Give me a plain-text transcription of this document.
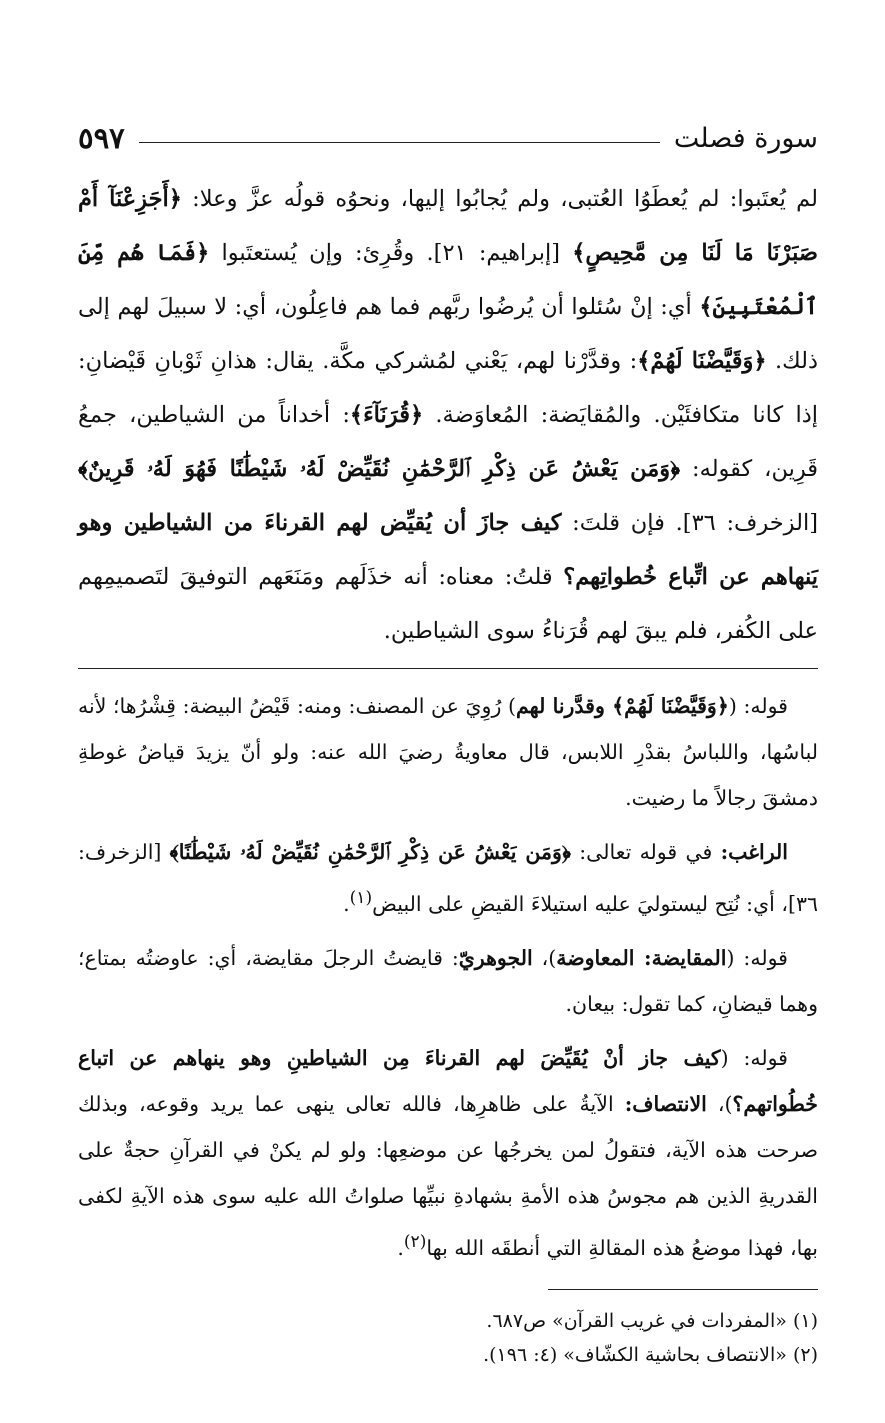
سورة فصلت
٥٩٧
لم يُعتَبوا: لم يُعطَوُا العُتبى، ولم يُجابُوا إليها، ونحوُه قولُه عزَّ وعلا: ﴿أَجَزِعْنَآ أَمْ صَبَرْنَا مَا لَنَا مِن مَّحِيصٍ﴾ [إبراهيم: ٢١]. وقُرِئ: وإن يُستعتَبوا ﴿فَمَا هُم مِّنَ ٱلْمُعْتَبِينَ﴾ أي: إنْ سُئلوا أن يُرضُوا ربَّهم فما هم فاعِلُون، أي: لا سبيلَ لهم إلى ذلك. ﴿وَقَيَّضْنَا لَهُمْ﴾: وقدَّرْنا لهم، يَعْني لمُشركي مكَّة. يقال: هذانِ ثَوْبانِ قَيْضانِ: إذا كانا متكافئَيْن. والمُقايَضة: المُعاوَضة. ﴿قُرَنَآءَ﴾: أخداناً من الشياطين، جمعُ قَرِين، كقوله: ﴿وَمَن يَعْشُ عَن ذِكْرِ ٱلرَّحْمَٰنِ نُقَيِّضْ لَهُۥ شَيْطَٰنًا فَهُوَ لَهُۥ قَرِينٌ﴾ [الزخرف: ٣٦]. فإن قلتَ: كيف جازَ أن يُقيِّض لهم القرناءَ من الشياطين وهو يَنهاهم عن اتِّباع خُطواتِهم؟ قلتُ: معناه: أنه خذَلَهم ومَنَعَهم التوفيقَ لتَصميمِهم على الكُفر، فلم يبقَ لهم قُرَناءُ سوى الشياطين.

قوله: (﴿وَقَيَّضْنَا لَهُمْ﴾ وقدَّرنا لهم) رُوِيَ عن المصنف: ومنه: قَيْضُ البيضة: قِشْرُها؛ لأنه لباسُها، واللباسُ بقدْرِ اللابس، قال معاويةُ رضيَ الله عنه: ولو أنّ يزيدَ قياضُ غوطةِ دمشقَ رجالاً ما رضيت.

الراغب: في قوله تعالى: ﴿وَمَن يَعْشُ عَن ذِكْرِ ٱلرَّحْمَٰنِ نُقَيِّضْ لَهُۥ شَيْطَٰنًا﴾ [الزخرف: ٣٦]، أي: نُتِح ليستوليَ عليه استيلاءَ القيضِ على البيض$^{(١)}$.

قوله: (المقايضة: المعاوضة)، الجوهريّ: قايضتُ الرجلَ مقايضة، أي: عاوضتُه بمتاع؛ وهما قيضانِ، كما تقول: بيعان.

قوله: (كيف جاز أنْ يُقَيِّضَ لهم القرناءَ مِن الشياطينِ وهو ينهاهم عن اتباع خُطُواتهم؟)، الانتصاف: الآيةُ على ظاهرِها، فالله تعالى ينهى عما يريد وقوعه، وبذلك صرحت هذه الآية، فتقولُ لمن يخرجُها عن موضعِها: ولو لم يكنْ في القرآنِ حجةٌ على القدريةِ الذين هم مجوسُ هذه الأمةِ بشهادةِ نبيِّها صلواتُ الله عليه سوى هذه الآيةِ لكفى بها، فهذا موضعُ هذه المقالةِ التي أنطقَه الله بها$^{(٢)}$.

(١) «المفردات في غريب القرآن» ص٦٨٧.
(٢) «الانتصاف بحاشية الكشّاف» (٤: ١٩٦).
